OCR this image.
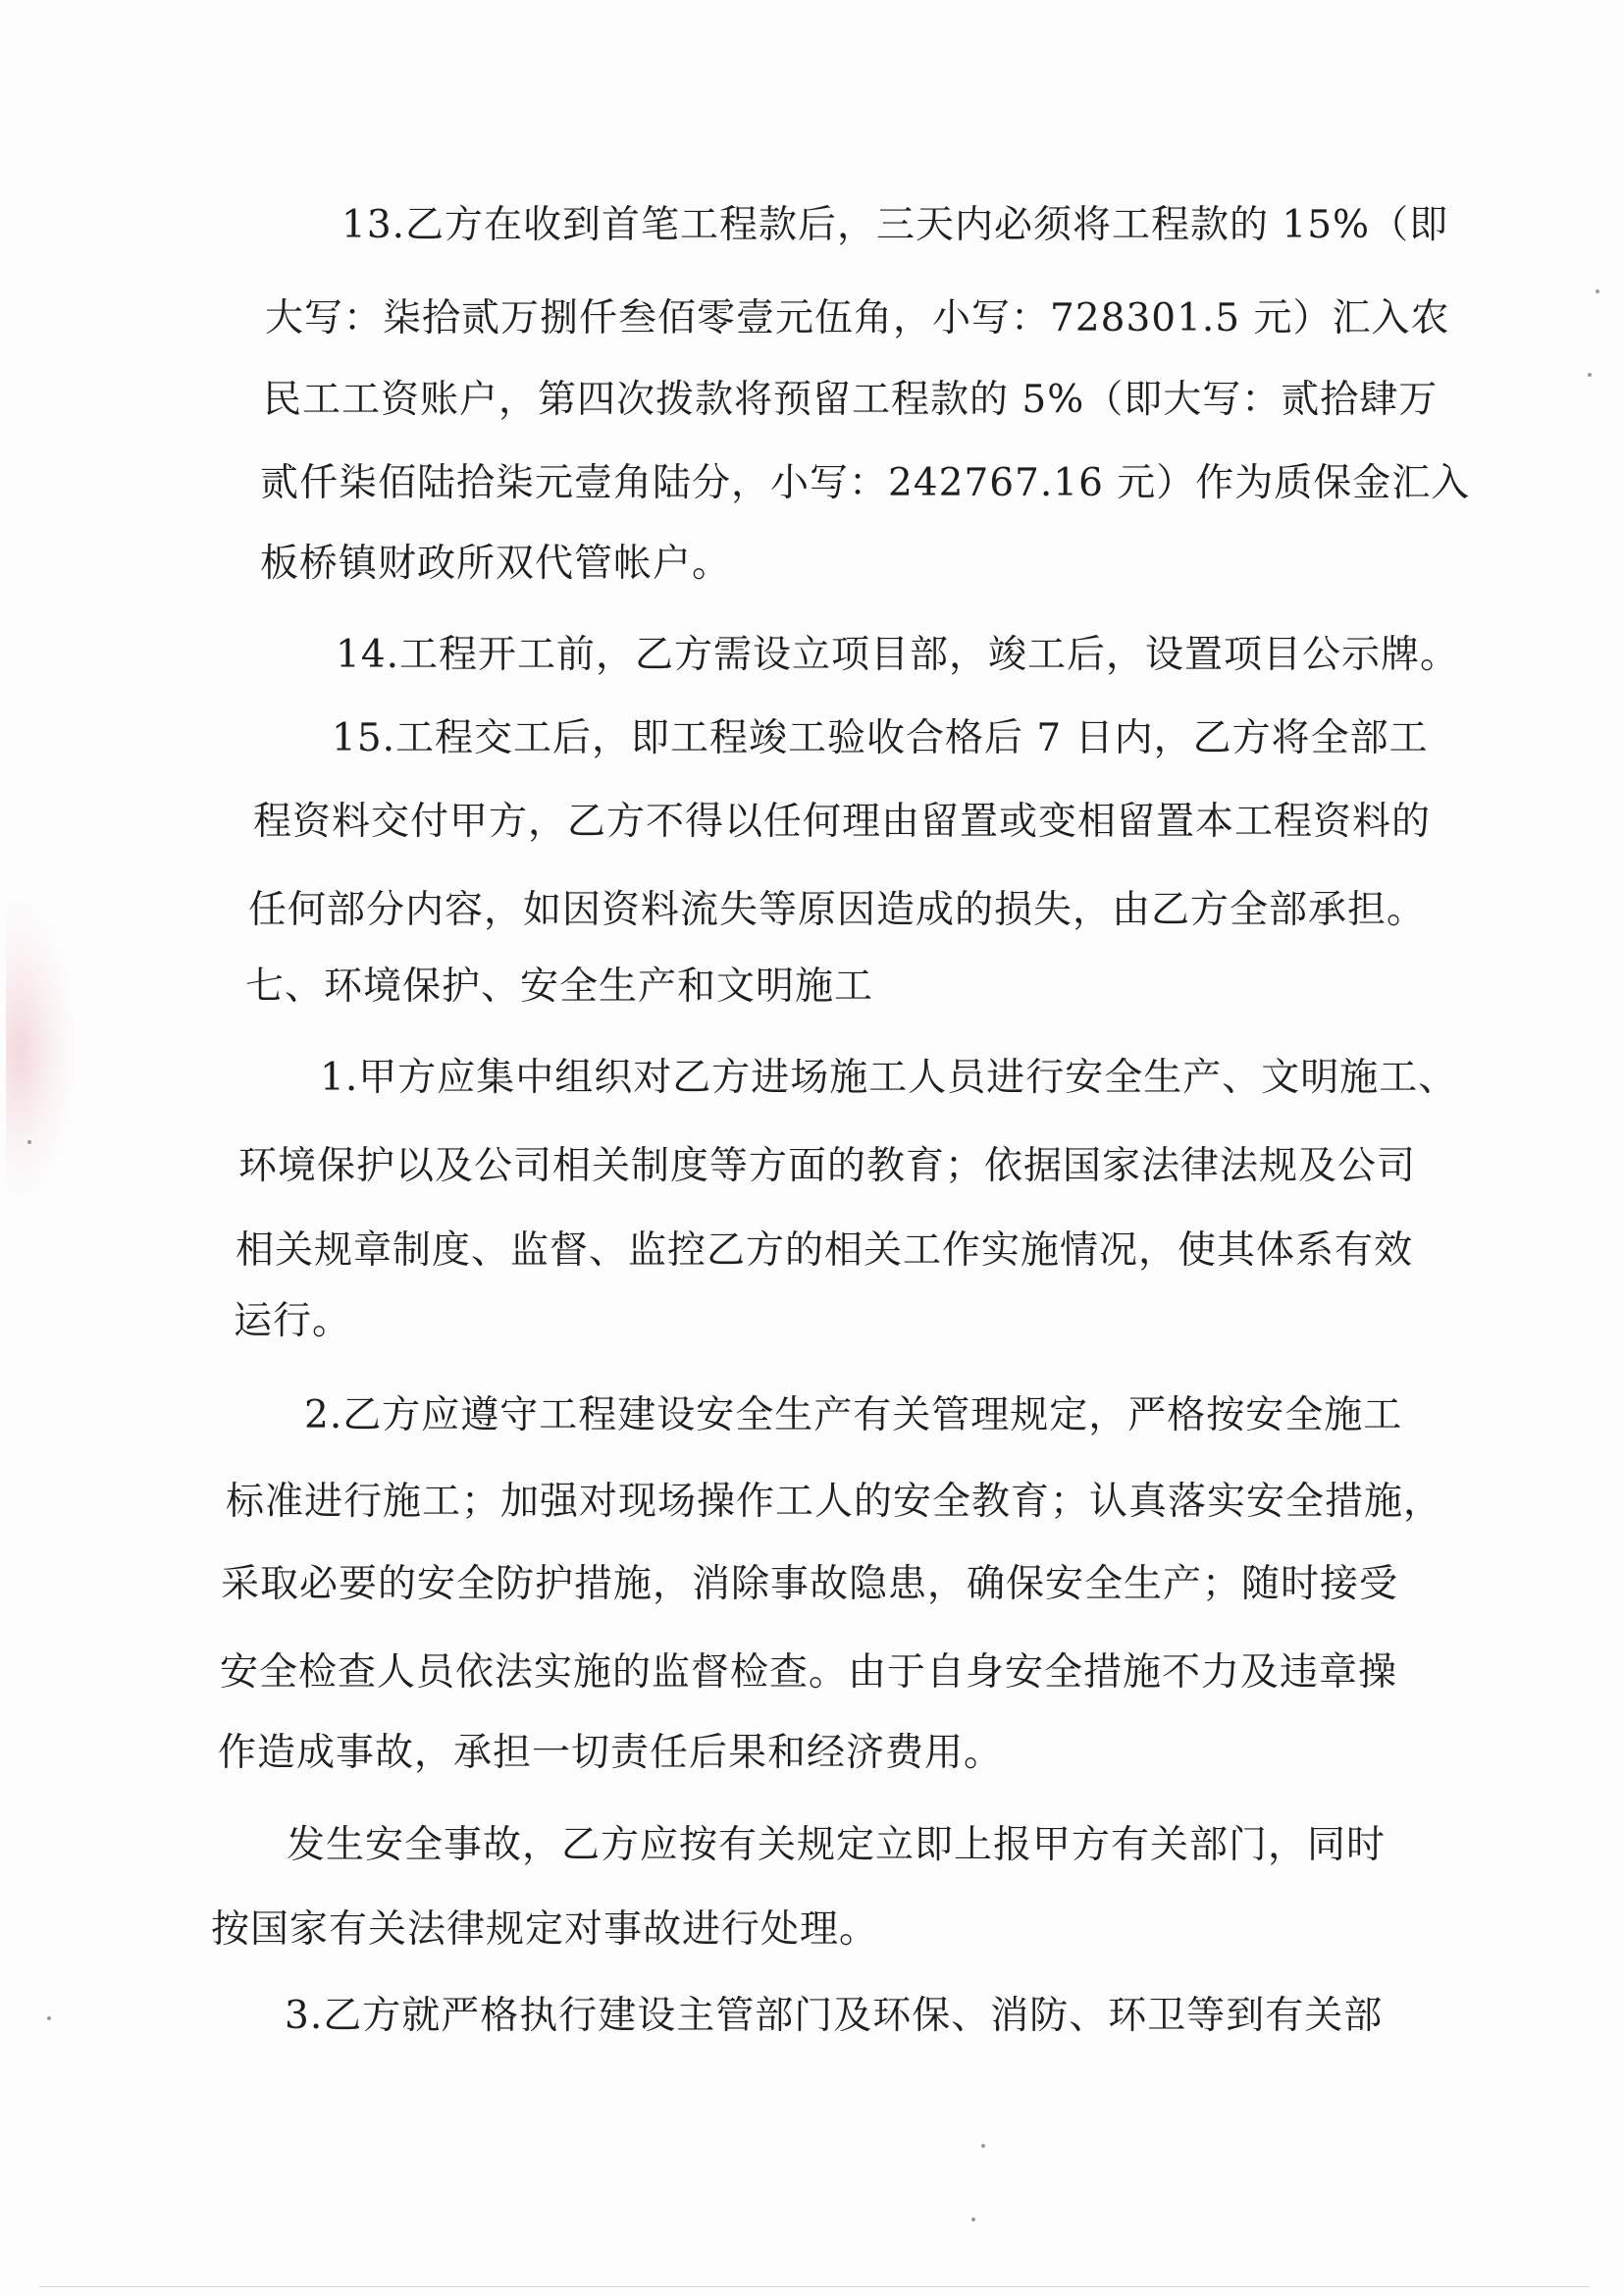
13.乙方在收到首笔工程款后，三天内必须将工程款的 15%（即
大写：柒拾贰万捌仟叁佰零壹元伍角，小写：728301.5 元）汇入农
民工工资账户，第四次拨款将预留工程款的 5%（即大写：贰拾肆万
贰仟柒佰陆拾柒元壹角陆分，小写：242767.16 元）作为质保金汇入
板桥镇财政所双代管帐户。
14.工程开工前，乙方需设立项目部，竣工后，设置项目公示牌。
15.工程交工后，即工程竣工验收合格后 7 日内，乙方将全部工
程资料交付甲方，乙方不得以任何理由留置或变相留置本工程资料的
任何部分内容，如因资料流失等原因造成的损失，由乙方全部承担。
七、环境保护、安全生产和文明施工
1.甲方应集中组织对乙方进场施工人员进行安全生产、文明施工、
环境保护以及公司相关制度等方面的教育；依据国家法律法规及公司
相关规章制度、监督、监控乙方的相关工作实施情况，使其体系有效
运行。
2.乙方应遵守工程建设安全生产有关管理规定，严格按安全施工
标准进行施工；加强对现场操作工人的安全教育；认真落实安全措施，
采取必要的安全防护措施，消除事故隐患，确保安全生产；随时接受
安全检查人员依法实施的监督检查。由于自身安全措施不力及违章操
作造成事故，承担一切责任后果和经济费用。
发生安全事故，乙方应按有关规定立即上报甲方有关部门，同时
按国家有关法律规定对事故进行处理。
3.乙方就严格执行建设主管部门及环保、消防、环卫等到有关部
